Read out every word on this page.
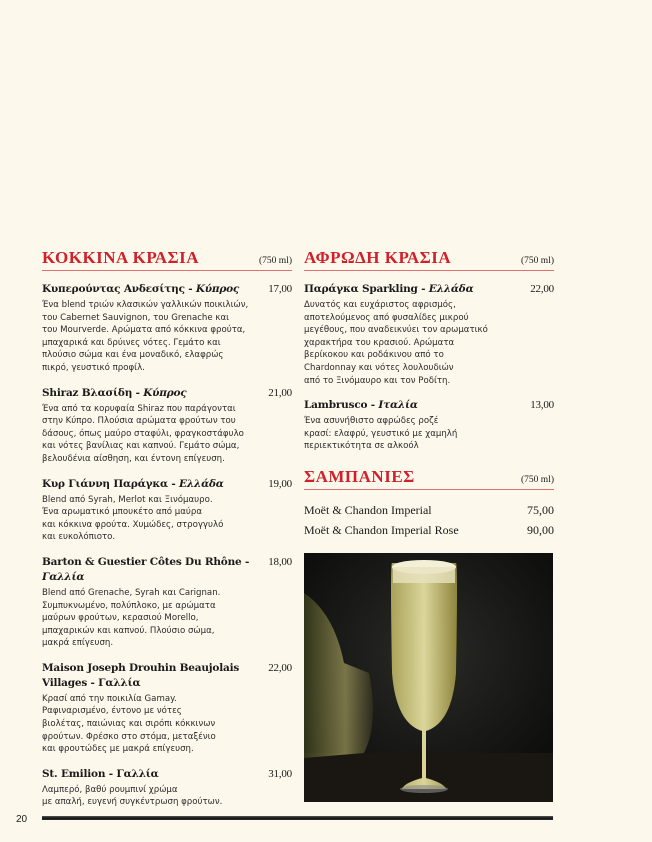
ΚΟΚΚΙΝΑ ΚΡΑΣΙΑ	(750 ml)
Κυπερούντας Ανδεσίτης - Κύπρος	17,00
Ένα blend τριών κλασικών γαλλικών ποικιλιών,
του Cabernet Sauvignon, του Grenache και
του Mourverde. Αρώματα από κόκκινα φρούτα,
μπαχαρικά και δρύινες νότες. Γεμάτο και
πλούσιο σώμα και ένα μοναδικό, ελαφρώς
πικρό, γευστικό προφίλ.
Shiraz Βλασίδη - Κύπρος	21,00
Ένα από τα κορυφαία Shiraz που παράγονται
στην Κύπρο. Πλούσια αρώματα φρούτων του
δάσους, όπως μαύρο σταφύλι, φραγκοστάφυλο
και νότες βανίλιας και καπνού. Γεμάτο σώμα,
βελουδένια αίσθηση, και έντονη επίγευση.
Κυρ Γιάννη Παράγκα - Ελλάδα	19,00
Blend από Syrah, Merlot και Ξινόμαυρο.
Ένα αρωματικό μπουκέτο από μαύρα
και κόκκινα φρούτα. Χυμώδες, στρογγυλό
και ευκολόπιοτο.
Barton & Guestier Côtes Du Rhône - Γαλλία
18,00
Blend από Grenache, Syrah και Carignan.
Συμπυκνωμένο, πολύπλοκο, με αρώματα
μαύρων φρούτων, κερασιού Morello,
μπαχαρικών και καπνού. Πλούσιο σώμα,
μακρά επίγευση.
Maison Joseph Drouhin Beaujolais Villages - Γαλλία
22,00
Κρασί από την ποικιλία Gamay.
Ραφιναρισμένο, έντονο με νότες
βιολέτας, παιώνιας και σιρόπι κόκκινων
φρούτων. Φρέσκο στο στόμα, μεταξένιο
και φρουτώδες με μακρά επίγευση.
St. Emilion - Γαλλία	31,00
Λαμπερό, βαθύ ρουμπινί χρώμα
με απαλή, ευγενή συγκέντρωση φρούτων.
ΑΦΡΩΔΗ ΚΡΑΣΙΑ	(750 ml)
Παράγκα Sparkling - Ελλάδα	22,00
Δυνατός και ευχάριστος αφρισμός,
αποτελούμενος από φυσαλίδες μικρού
μεγέθους, που αναδεικνύει τον αρωματικό
χαρακτήρα του κρασιού. Αρώματα
βερίκοκου και ροδάκινου από το
Chardonnay και νότες λουλουδιών
από το Ξινόμαυρο και τον Ροδίτη.
Lambrusco - Ιταλία	13,00
Ένα ασυνήθιστο αφρώδες ροζέ
κρασί: ελαφρύ, γευστικό με χαμηλή
περιεκτικότητα σε αλκοόλ
ΣΑΜΠΑΝΙΕΣ	(750 ml)
Moët & Chandon Imperial	75,00
Moët & Chandon Imperial Rose	90,00
20
